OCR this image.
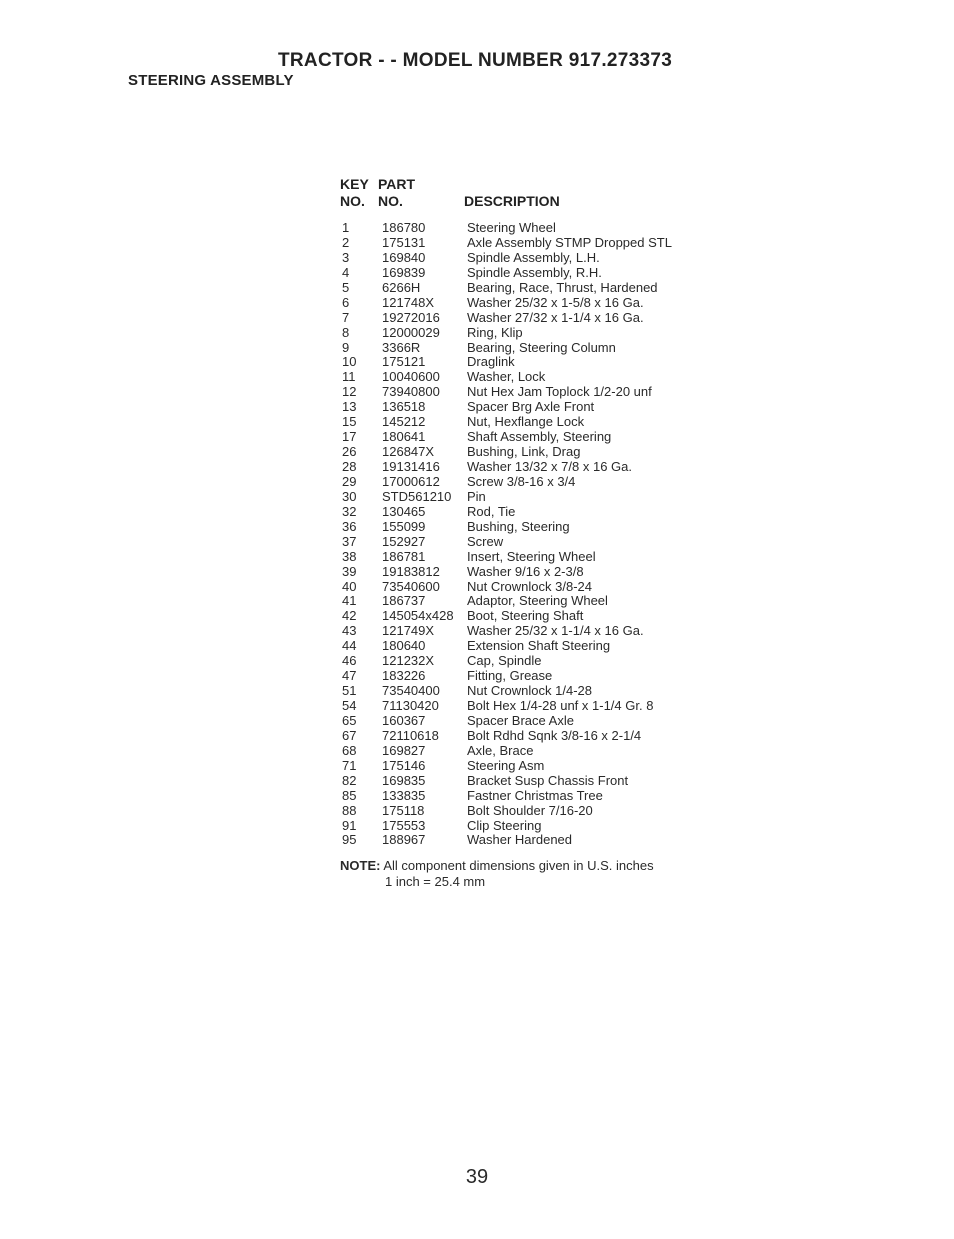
TRACTOR - - MODEL NUMBER 917.273373
STEERING ASSEMBLY
KEY PART
NO. NO.	DESCRIPTION
1	186780	Steering Wheel
2	175131	Axle Assembly STMP Dropped STL
3	169840	Spindle Assembly, L.H.
4	169839	Spindle Assembly, R.H.
5	6266H	Bearing, Race, Thrust, Hardened
6	121748X	Washer 25/32 x 1-5/8 x 16 Ga.
7	19272016 Washer 27/32 x 1-1/4 x 16 Ga.
8	12000029 Ring, Klip
9	3366R	Bearing, Steering Column
10 175121	Draglink
11 10040600 Washer, Lock
12 73940800 Nut Hex Jam Toplock 1/2-20 unf
13 136518	Spacer Brg Axle Front
15 145212	Nut, Hexflange Lock
17 180641	Shaft Assembly, Steering
26 126847X	Bushing, Link, Drag
28 19131416 Washer 13/32 x 7/8 x 16 Ga.
29 17000612 Screw 3/8-16 x 3/4
30 STD561210 Pin
32 130465	Rod, Tie
36 155099	Bushing, Steering
37 152927	Screw
38 186781	Insert, Steering Wheel
39 19183812 Washer 9/16 x 2-3/8
40 73540600 Nut Crownlock 3/8-24
41 186737	Adaptor, Steering Wheel
42 145054x428 Boot, Steering Shaft
43 121749X	Washer 25/32 x 1-1/4 x 16 Ga.
44 180640	Extension Shaft Steering
46 121232X	Cap, Spindle
47 183226	Fitting, Grease
51 73540400 Nut Crownlock 1/4-28
54 71130420 Bolt Hex 1/4-28 unf x 1-1/4 Gr. 8
65 160367	Spacer Brace Axle
67 72110618 Bolt Rdhd Sqnk 3/8-16 x 2-1/4
68 169827	Axle, Brace
71 175146	Steering Asm
82 169835	Bracket Susp Chassis Front
85 133835	Fastner Christmas Tree
88 175118	Bolt Shoulder 7/16-20
91 175553	Clip Steering
95 188967	Washer Hardened
NOTE: All component dimensions given in U.S. inches
1 inch = 25.4 mm
39
